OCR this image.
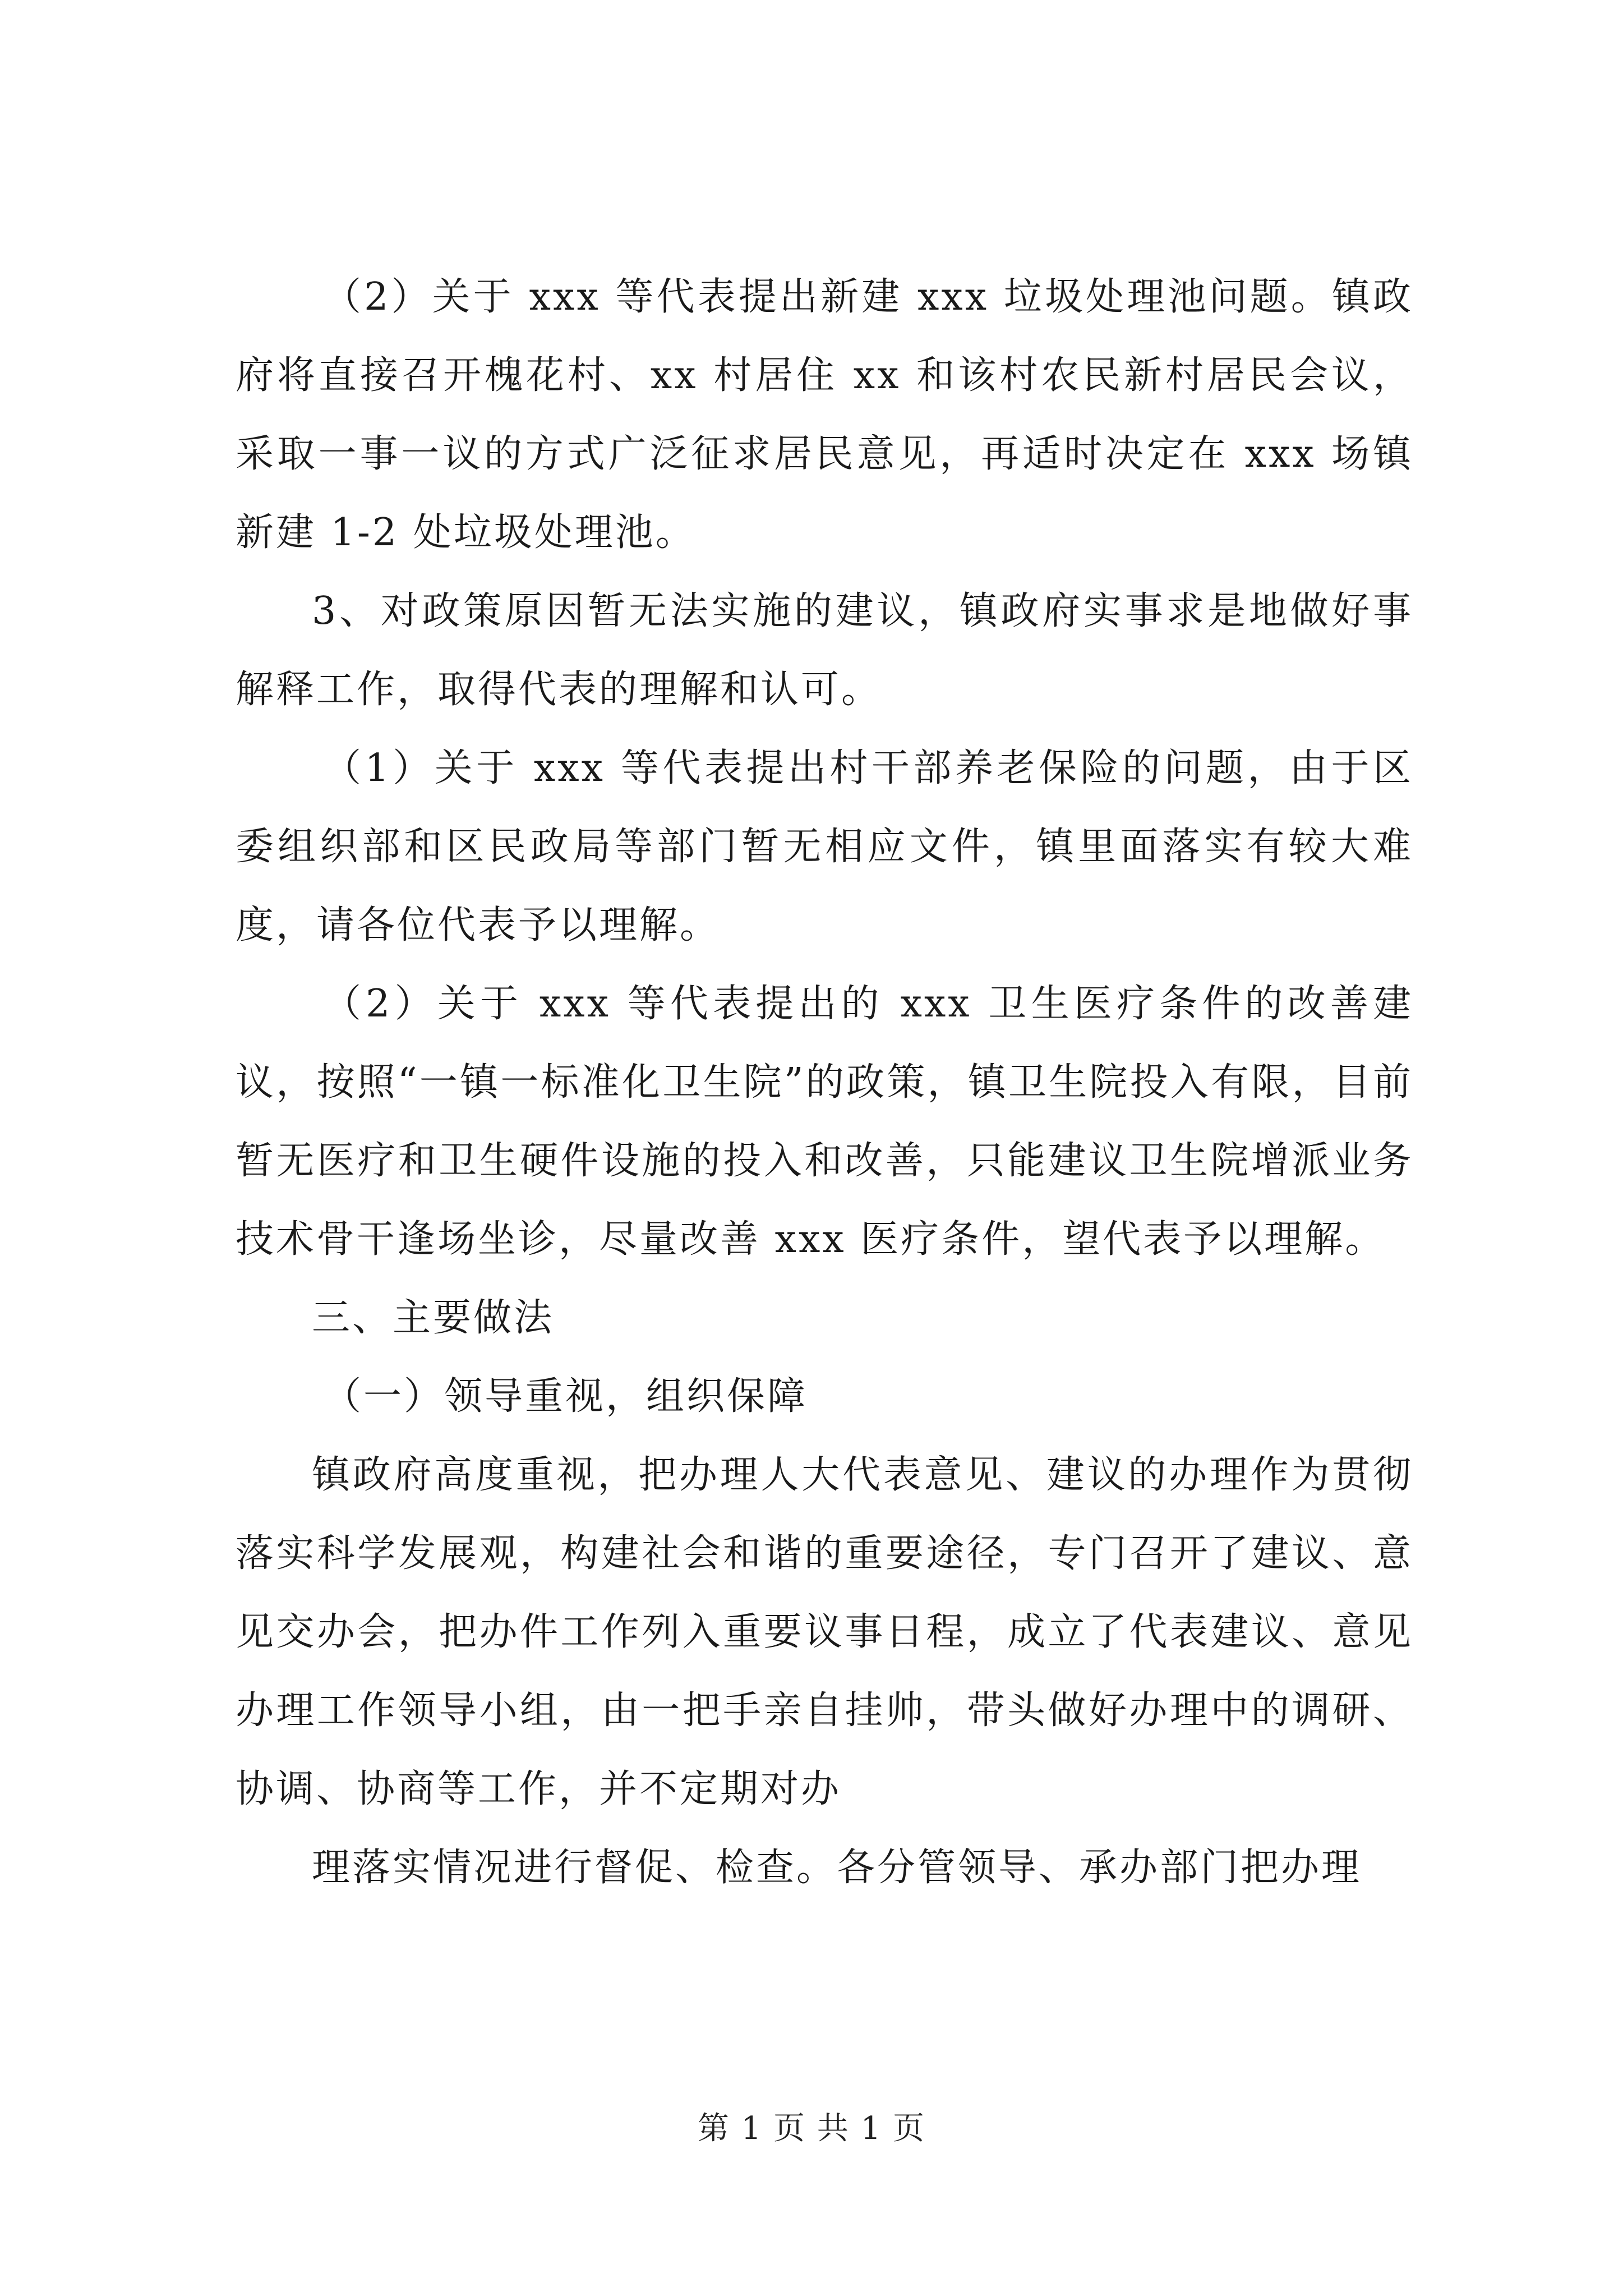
（2）关于 xxx 等代表提出新建 xxx 垃圾处理池问题。镇政府将直接召开槐花村、xx 村居住 xx 和该村农民新村居民会议，采取一事一议的方式广泛征求居民意见，再适时决定在 xxx 场镇新建 1-2 处垃圾处理池。

3、对政策原因暂无法实施的建议，镇政府实事求是地做好事解释工作，取得代表的理解和认可。

（1）关于 xxx 等代表提出村干部养老保险的问题，由于区委组织部和区民政局等部门暂无相应文件，镇里面落实有较大难度，请各位代表予以理解。

（2）关于 xxx 等代表提出的 xxx 卫生医疗条件的改善建议，按照“一镇一标准化卫生院”的政策，镇卫生院投入有限，目前暂无医疗和卫生硬件设施的投入和改善，只能建议卫生院增派业务技术骨干逢场坐诊，尽量改善 xxx 医疗条件，望代表予以理解。

三、主要做法

（一）领导重视，组织保障

镇政府高度重视，把办理人大代表意见、建议的办理作为贯彻落实科学发展观，构建社会和谐的重要途径，专门召开了建议、意见交办会，把办件工作列入重要议事日程，成立了代表建议、意见办理工作领导小组，由一把手亲自挂帅，带头做好办理中的调研、协调、协商等工作，并不定期对办

理落实情况进行督促、检查。各分管领导、承办部门把办理

第 1 页 共 1 页
